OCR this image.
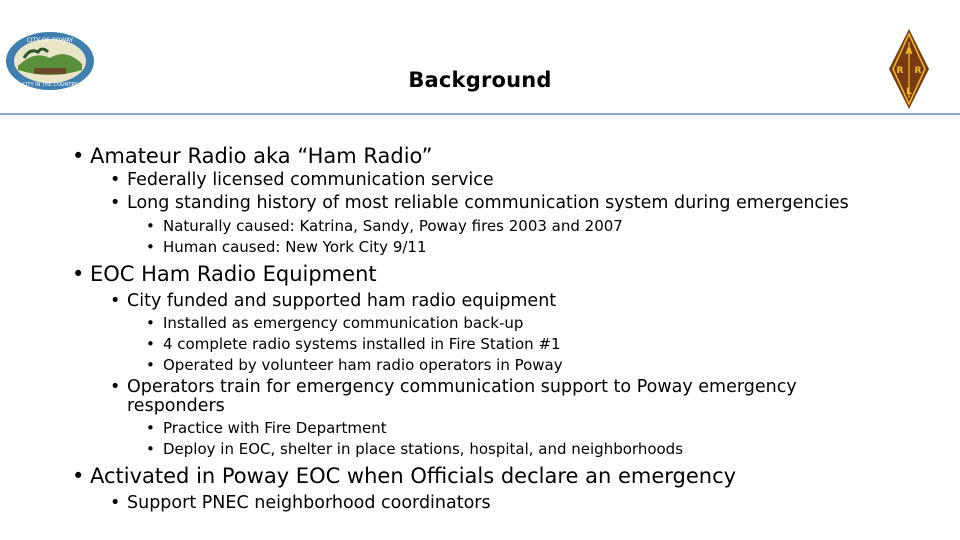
CITY OF POWAY
CITY IN THE COUNTRY	Background
A
R R
L
• Amateur Radio aka “Ham Radio”
• Federally licensed communication service
• Long standing history of most reliable communication system during emergencies
• Naturally caused: Katrina, Sandy, Poway fires 2003 and 2007
• Human caused: New York City 9/11
• EOC Ham Radio Equipment
• City funded and supported ham radio equipment
• Installed as emergency communication back-up
• 4 complete radio systems installed in Fire Station #1
• Operated by volunteer ham radio operators in Poway
• Operators train for emergency communication support to Poway emergency
responders
• Practice with Fire Department
• Deploy in EOC, shelter in place stations, hospital, and neighborhoods
• Activated in Poway EOC when Officials declare an emergency
• Support PNEC neighborhood coordinators
